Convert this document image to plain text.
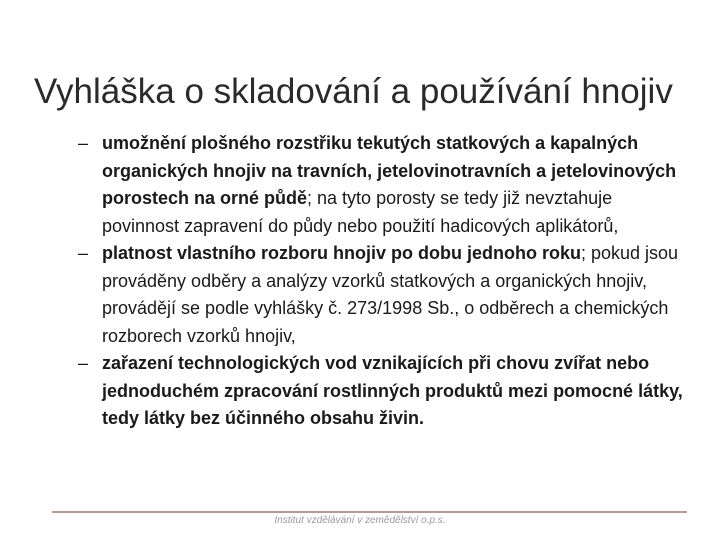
Vyhláška o skladování a používání hnojiv
– umožnění plošného rozstřiku tekutých statkových a kapalných organických hnojiv na travních, jetelovinotravních a jetelovinových porostech na orné půdě; na tyto porosty se tedy již nevztahuje povinnost zapravení do půdy nebo použití hadicových aplikátorů,
– platnost vlastního rozboru hnojiv po dobu jednoho roku; pokud jsou prováděny odběry a analýzy vzorků statkových a organických hnojiv, provádějí se podle vyhlášky č. 273/1998 Sb., o odběrech a chemických rozborech vzorků hnojiv,
– zařazení technologických vod vznikajících při chovu zvířat nebo jednoduchém zpracování rostlinných produktů mezi pomocné látky, tedy látky bez účinného obsahu živin.
Institut vzdělávání v zemědělství o.p.s.
